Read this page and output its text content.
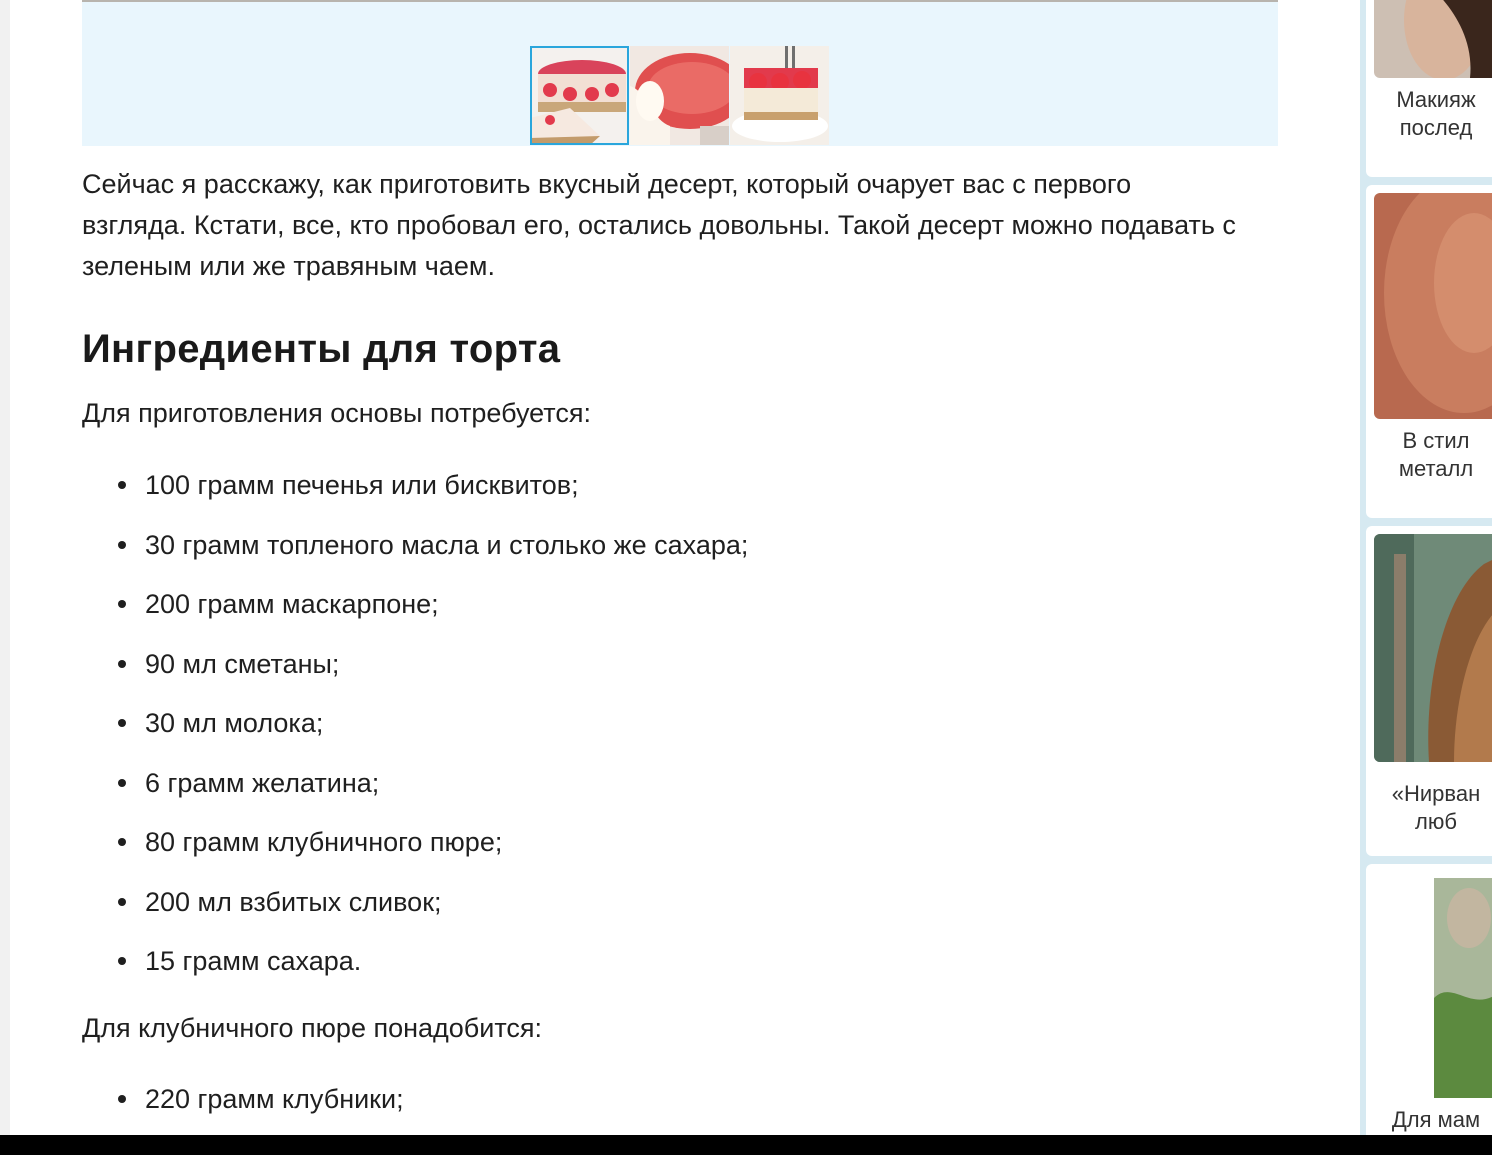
Сейчас я расскажу, как приготовить вкусный десерт, который очарует вас с первого взгляда. Кстати, все, кто пробовал его, остались довольны. Такой десерт можно подавать с зеленым или же травяным чаем.

Ингредиенты для торта

Для приготовления основы потребуется:

100 грамм печенья или бисквитов;
30 грамм топленого масла и столько же сахара;
200 грамм маскарпоне;
90 мл сметаны;
30 мл молока;
6 грамм желатина;
80 грамм клубничного пюре;
200 мл взбитых сливок;
15 грамм сахара.

Для клубничного пюре понадобится:

220 грамм клубники;
Макияж
послед
В стил
металл
«Нирван
люб
Для мам
